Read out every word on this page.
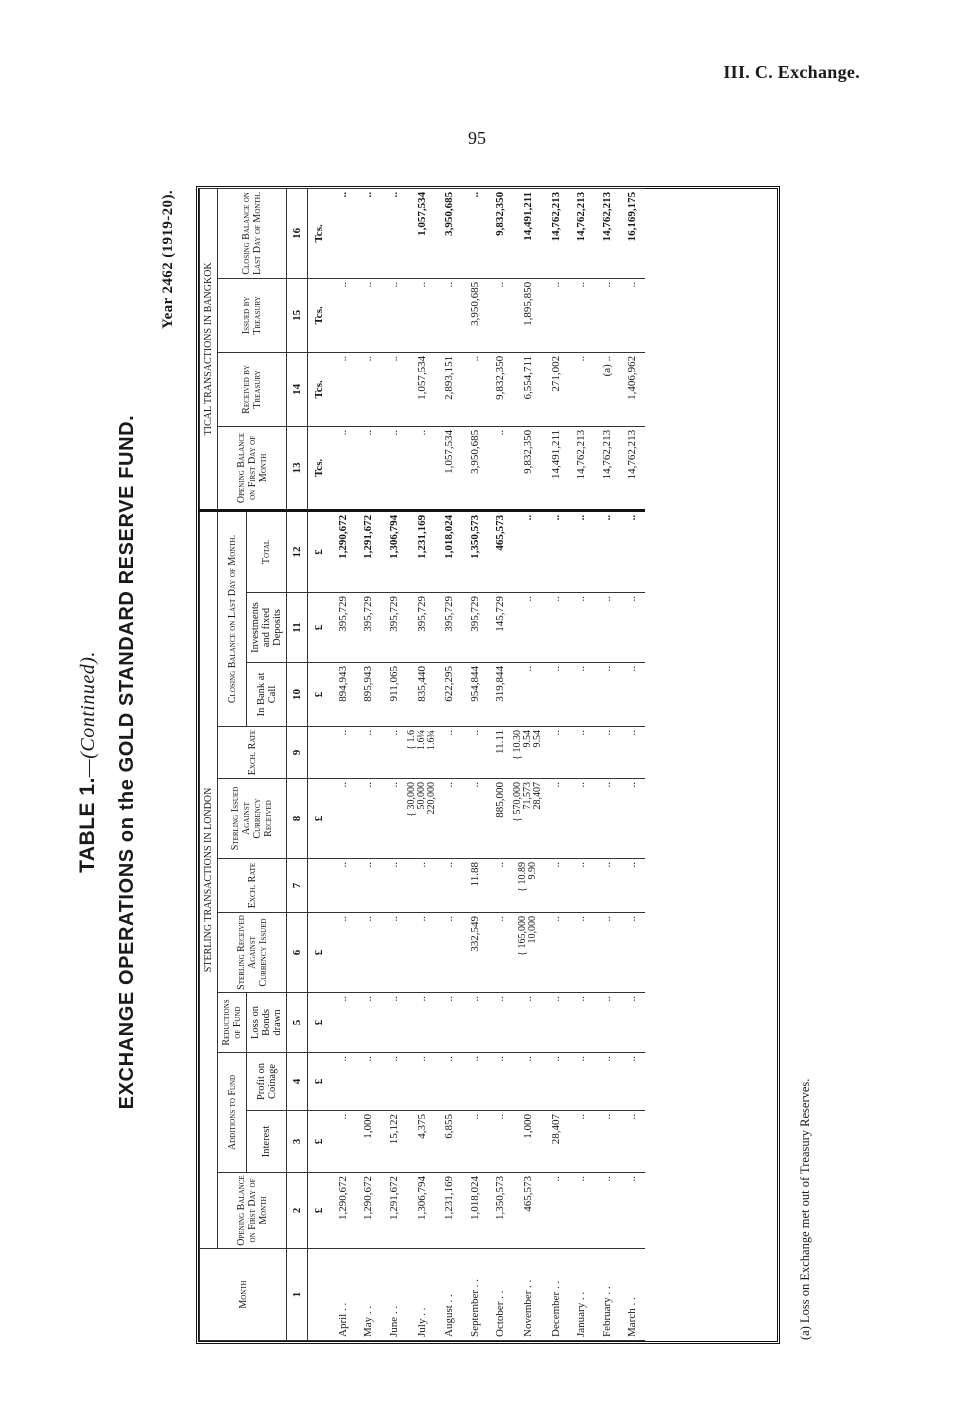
III. C. Exchange.
95
TABLE 1.—(Continued). EXCHANGE OPERATIONS on the GOLD STANDARD RESERVE FUND.
Year 2462 (1919-20).
Month	STERLING TRANSACTIONS IN LONDON											TICAL TRANSACTIONS IN BANGKOK			
	Opening Balance on First Day of Month	Additions to Fund		Reductions of Fund	Sterling Received Against Currency Issued	Exch. Rate	Sterling Issued Against Currency Received	Exch. Rate	Closing Balance on Last Day of Month.			Opening Balance on First Day of Month	Received by Treasury	Issued by Treasury	Closing Balance on Last Day of Month.
		Interest	Profit on Coinage	Loss on Bonds drawn					In Bank at Call	Investments and fixed Deposits	Total				
1	2	3	4	5	6	7	8	9	10	11	12	13	14	15	16
	£	£	£	£	£		£		£	£	£	Tcs.	Tcs.	Tcs.	Tcs.
April . .	1,290,672	..	..	..	..	..	..	..	894,943	395,729	1,290,672	..	..	..	..
May . .	1,290,672	1,000	..	..	..	..	..	..	895,943	395,729	1,291,672	..	..	..	..
June . .	1,291,672	15,122	..	..	..	..	..	..	911,065	395,729	1,306,794	..	..	..	..
July . .	1,306,794	4,375	..	..	..	..	{ 30,000 50,000 220,000	{ 1.6 1.6¼ 1.6¾	835,440	395,729	1,231,169	..	1,057,534	..	1,057,534
August . .	1,231,169	6,855	..	..	..	..	..	..	622,295	395,729	1,018,024	1,057,534	2,893,151	..	3,950,685
September . .	1,018,024	..	..	..	332,549	11.88	..	..	954,844	395,729	1,350,573	3,950,685	..	3,950,685	..
October . .	1,350,573	..	..	..	..	..	885,000	11.11	319,844	145,729	465,573	..	9,832,350	..	9,832,350
November . .	465,573	1,000	..	..	{ 165,000 10,000	{ 10.89 9.90	{ 570,000 71,573 28,407	{ 10.30 9.54 9.54	..	..	..	9,832,350	6,554,711	1,895,850	14,491,211
December . .	..	28,407	..	..	..	..	..	..	..	..	..	14,491,211	271,002	..	14,762,213
January . .	..	..	..	..	..	..	..	..	..	..	..	14,762,213	..	..	14,762,213
February . .	..	..	..	..	..	..	..	..	..	..	..	14,762,213	(a) ..	..	14,762,213
March . .	..	..	..	..	..	..	..	..	..	..	..	14,762,213	1,406,962	..	16,169,175
(a) Loss on Exchange met out of Treasury Reserves.
